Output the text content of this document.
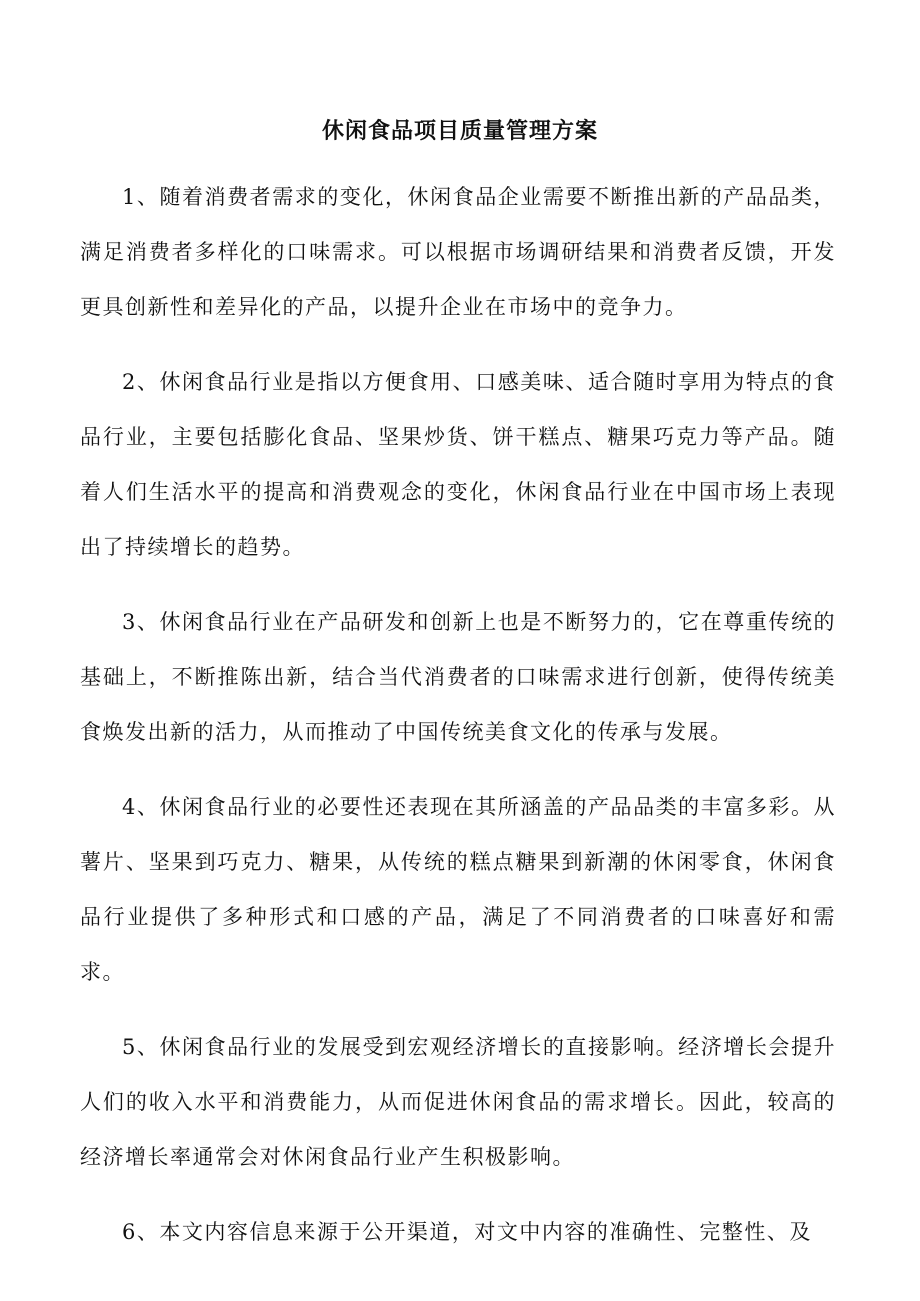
休闲食品项目质量管理方案

1、随着消费者需求的变化，休闲食品企业需要不断推出新的产品品类，满足消费者多样化的口味需求。可以根据市场调研结果和消费者反馈，开发更具创新性和差异化的产品，以提升企业在市场中的竞争力。

2、休闲食品行业是指以方便食用、口感美味、适合随时享用为特点的食品行业，主要包括膨化食品、坚果炒货、饼干糕点、糖果巧克力等产品。随着人们生活水平的提高和消费观念的变化，休闲食品行业在中国市场上表现出了持续增长的趋势。

3、休闲食品行业在产品研发和创新上也是不断努力的，它在尊重传统的基础上，不断推陈出新，结合当代消费者的口味需求进行创新，使得传统美食焕发出新的活力，从而推动了中国传统美食文化的传承与发展。

4、休闲食品行业的必要性还表现在其所涵盖的产品品类的丰富多彩。从薯片、坚果到巧克力、糖果，从传统的糕点糖果到新潮的休闲零食，休闲食品行业提供了多种形式和口感的产品，满足了不同消费者的口味喜好和需求。

5、休闲食品行业的发展受到宏观经济增长的直接影响。经济增长会提升人们的收入水平和消费能力，从而促进休闲食品的需求增长。因此，较高的经济增长率通常会对休闲食品行业产生积极影响。

6、本文内容信息来源于公开渠道，对文中内容的准确性、完整性、及
